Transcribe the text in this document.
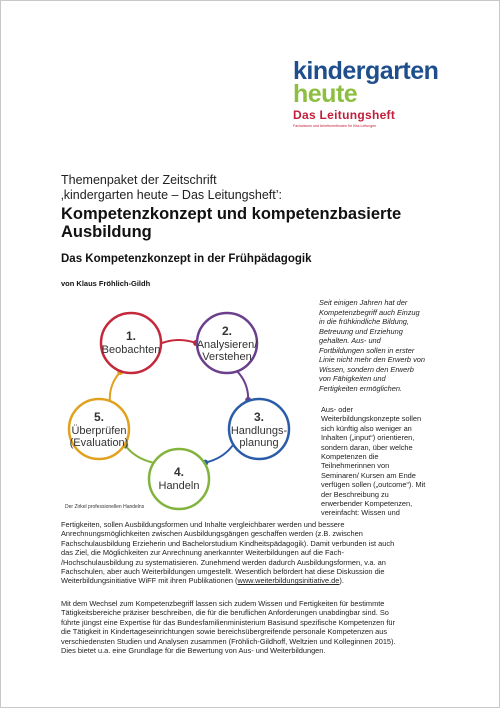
kindergarten
heute
Das Leitungsheft
Fachwissen und Arbeitsmethoden für Kita-Leitungen
Themenpaket der Zeitschrift
‚kindergarten heute – Das Leitungsheft’:
Kompetenzkonzept und kompetenzbasierte
Ausbildung
Das Kompetenzkonzept in der Frühpädagogik
von Klaus Fröhlich-Gildh
1.
Beobachten
2.
Analysieren/
Verstehen
3.
Handlungs-
planung
4.
Handeln
5.
Überprüfen
(Evaluation)
Der Zirkel professionellen Handelns
Seit einigen Jahren hat der
Kompetenzbegriff auch Einzug
in die frühkindliche Bildung,
Betreuung und Erziehung
gehalten. Aus- und
Fortbildungen sollen in erster
Linie nicht mehr den Erwerb von
Wissen, sondern den Erwerb
von Fähigkeiten und
Fertigkeiten ermöglichen.
Aus- oder
Weiterbildungskonzepte sollen
sich künftig also weniger an
Inhalten („input“) orientieren,
sondern daran, über welche
Kompetenzen die
Teilnehmerinnen von
Seminaren/ Kursen am Ende
verfügen sollen („outcome“). Mit
der Beschreibung zu
erwerbender Kompetenzen,
vereinfacht: Wissen und
Fertigkeiten, sollen Ausbildungsformen und Inhalte vergleichbarer werden und bessere
Anrechnungsmöglichkeiten zwischen Ausbildungsgängen geschaffen werden (z.B. zwischen
Fachschulausbildung Erzieherin und Bachelorstudium Kindheitspädagogik). Damit verbunden ist auch
das Ziel, die Möglichkeiten zur Anrechnung anerkannter Weiterbildungen auf die Fach-
/Hochschulausbildung zu systematisieren. Zunehmend werden dadurch Ausbildungsformen, v.a. an
Fachschulen, aber auch Weiterbildungen umgestellt. Wesentlich befördert hat diese Diskussion die
Weiterbildungsinitiative WiFF mit ihren Publikationen (www.weiterbildungsinitiative.de).
Mit dem Wechsel zum Kompetenzbegriff lassen sich zudem Wissen und Fertigkeiten für bestimmte
Tätigkeitsbereiche präziser beschreiben, die für die beruflichen Anforderungen unabdingbar sind. So
führte jüngst eine Expertise für das Bundesfamilienministerium Basisund spezifische Kompetenzen für
die Tätigkeit in Kindertageseinrichtungen sowie bereichsübergreifende personale Kompetenzen aus
verschiedensten Studien und Analysen zusammen (Fröhlich-Gildhoff, Weltzien und Kolleginnen 2015).
Dies bietet u.a. eine Grundlage für die Bewertung von Aus- und Weiterbildungen.
